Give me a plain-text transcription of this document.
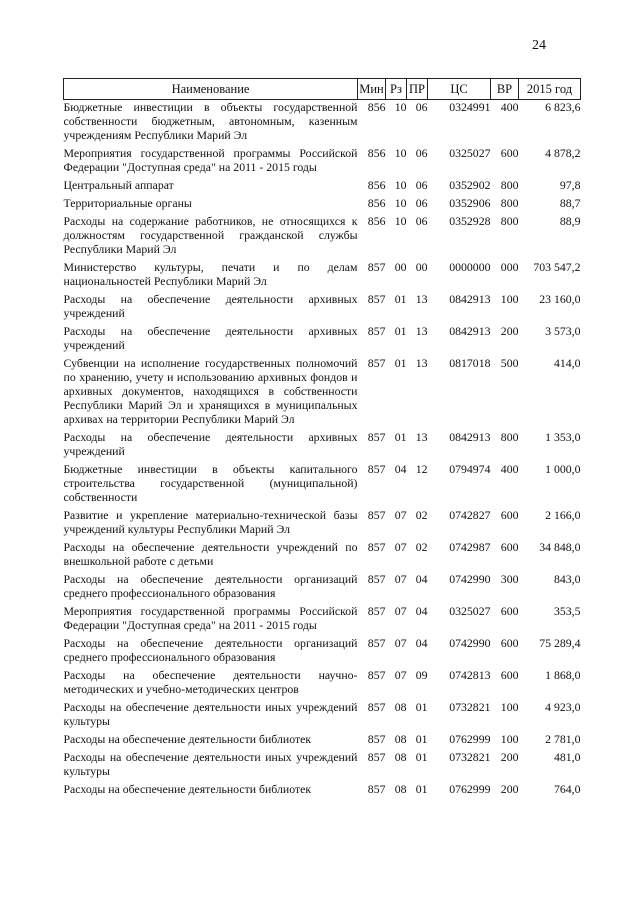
24
Наименование	Мин	Рз	ПР	ЦС	ВР	2015 год
Бюджетные инвестиции в объекты государственной собственности бюджетным, автономным, казенным учреждениям Республики Марий Эл	856	10	06	0324991	400	6 823,6
Мероприятия государственной программы Российской Федерации "Доступная среда" на 2011 - 2015 годы	856	10	06	0325027	600	4 878,2
Центральный аппарат	856	10	06	0352902	800	97,8
Территориальные органы	856	10	06	0352906	800	88,7
Расходы на содержание работников, не относящихся к должностям государственной гражданской службы Республики Марий Эл	856	10	06	0352928	800	88,9
Министерство культуры, печати и по делам национальностей Республики Марий Эл	857	00	00	0000000	000	703 547,2
Расходы на обеспечение деятельности архивных учреждений	857	01	13	0842913	100	23 160,0
Расходы на обеспечение деятельности архивных учреждений	857	01	13	0842913	200	3 573,0
Субвенции на исполнение государственных полномочий по хранению, учету и использованию архивных фондов и архивных документов, находящихся в собственности Республики Марий Эл и хранящихся в муниципальных архивах на территории Республики Марий Эл	857	01	13	0817018	500	414,0
Расходы на обеспечение деятельности архивных учреждений	857	01	13	0842913	800	1 353,0
Бюджетные инвестиции в объекты капитального строительства государственной (муниципальной) собственности	857	04	12	0794974	400	1 000,0
Развитие и укрепление материально-технической базы учреждений культуры Республики Марий Эл	857	07	02	0742827	600	2 166,0
Расходы на обеспечение деятельности учреждений по внешкольной работе с детьми	857	07	02	0742987	600	34 848,0
Расходы на обеспечение деятельности организаций среднего профессионального образования	857	07	04	0742990	300	843,0
Мероприятия государственной программы Российской Федерации "Доступная среда" на 2011 - 2015 годы	857	07	04	0325027	600	353,5
Расходы на обеспечение деятельности организаций среднего профессионального образования	857	07	04	0742990	600	75 289,4
Расходы на обеспечение деятельности научно-методических и учебно-методических центров	857	07	09	0742813	600	1 868,0
Расходы на обеспечение деятельности иных учреждений культуры	857	08	01	0732821	100	4 923,0
Расходы на обеспечение деятельности библиотек	857	08	01	0762999	100	2 781,0
Расходы на обеспечение деятельности иных учреждений культуры	857	08	01	0732821	200	481,0
Расходы на обеспечение деятельности библиотек	857	08	01	0762999	200	764,0
